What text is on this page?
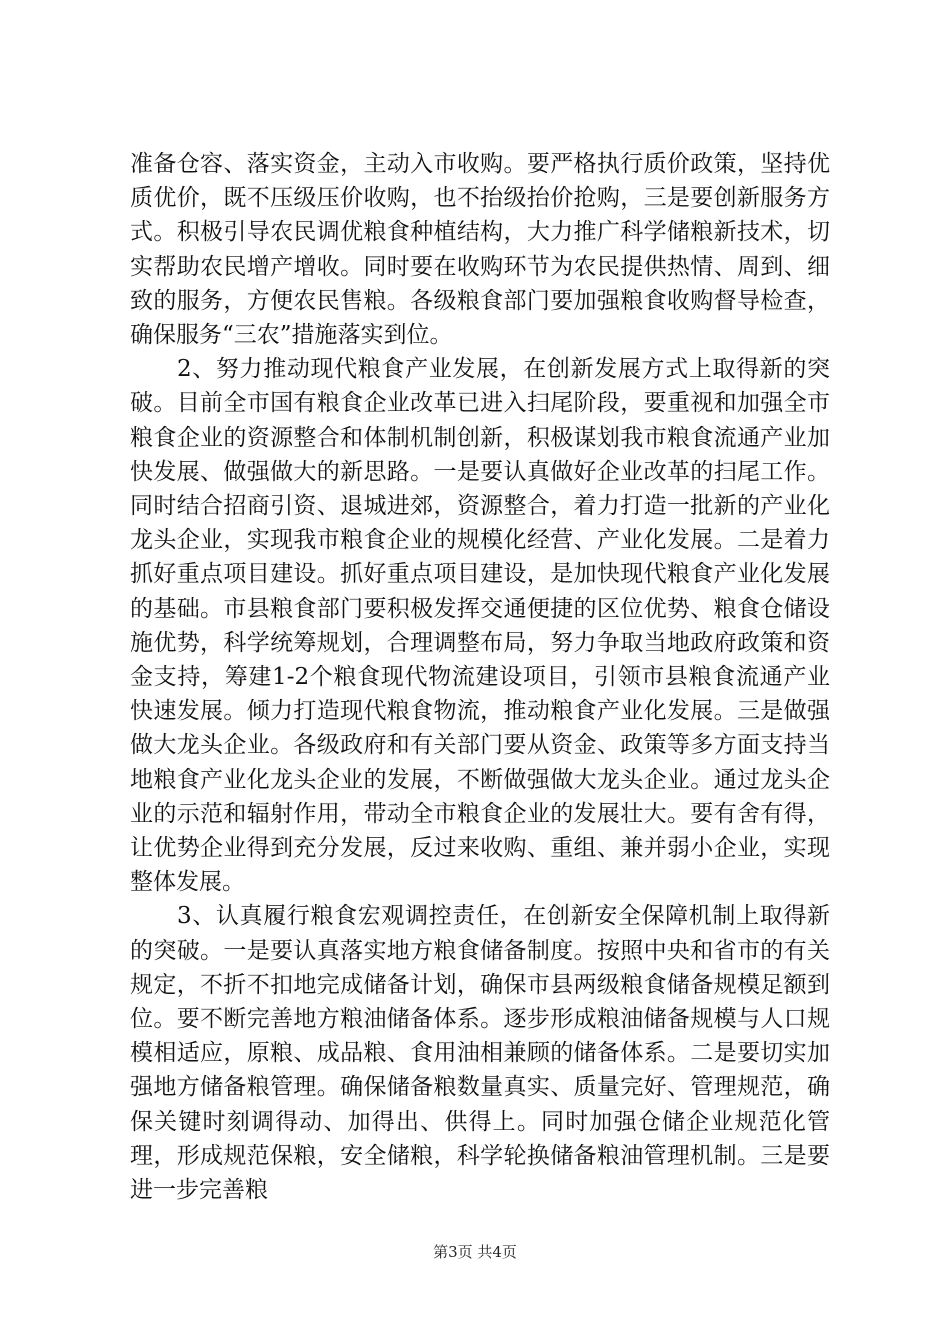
准备仓容、落实资金，主动入市收购。要严格执行质价政策，坚持优质优价，既不压级压价收购，也不抬级抬价抢购，三是要创新服务方式。积极引导农民调优粮食种植结构，大力推广科学储粮新技术，切实帮助农民增产增收。同时要在收购环节为农民提供热情、周到、细致的服务，方便农民售粮。各级粮食部门要加强粮食收购督导检查，确保服务“三农”措施落实到位。

2、努力推动现代粮食产业发展，在创新发展方式上取得新的突破。目前全市国有粮食企业改革已进入扫尾阶段，要重视和加强全市粮食企业的资源整合和体制机制创新，积极谋划我市粮食流通产业加快发展、做强做大的新思路。一是要认真做好企业改革的扫尾工作。同时结合招商引资、退城进郊，资源整合，着力打造一批新的产业化龙头企业，实现我市粮食企业的规模化经营、产业化发展。二是着力抓好重点项目建设。抓好重点项目建设，是加快现代粮食产业化发展的基础。市县粮食部门要积极发挥交通便捷的区位优势、粮食仓储设施优势，科学统筹规划，合理调整布局，努力争取当地政府政策和资金支持，筹建1-2个粮食现代物流建设项目，引领市县粮食流通产业快速发展。倾力打造现代粮食物流，推动粮食产业化发展。三是做强做大龙头企业。各级政府和有关部门要从资金、政策等多方面支持当地粮食产业化龙头企业的发展，不断做强做大龙头企业。通过龙头企业的示范和辐射作用，带动全市粮食企业的发展壮大。要有舍有得，让优势企业得到充分发展，反过来收购、重组、兼并弱小企业，实现整体发展。

3、认真履行粮食宏观调控责任，在创新安全保障机制上取得新的突破。一是要认真落实地方粮食储备制度。按照中央和省市的有关规定，不折不扣地完成储备计划，确保市县两级粮食储备规模足额到位。要不断完善地方粮油储备体系。逐步形成粮油储备规模与人口规模相适应，原粮、成品粮、食用油相兼顾的储备体系。二是要切实加强地方储备粮管理。确保储备粮数量真实、质量完好、管理规范，确保关键时刻调得动、加得出、供得上。同时加强仓储企业规范化管理，形成规范保粮，安全储粮，科学轮换储备粮油管理机制。三是要进一步完善粮

第3页 共4页
